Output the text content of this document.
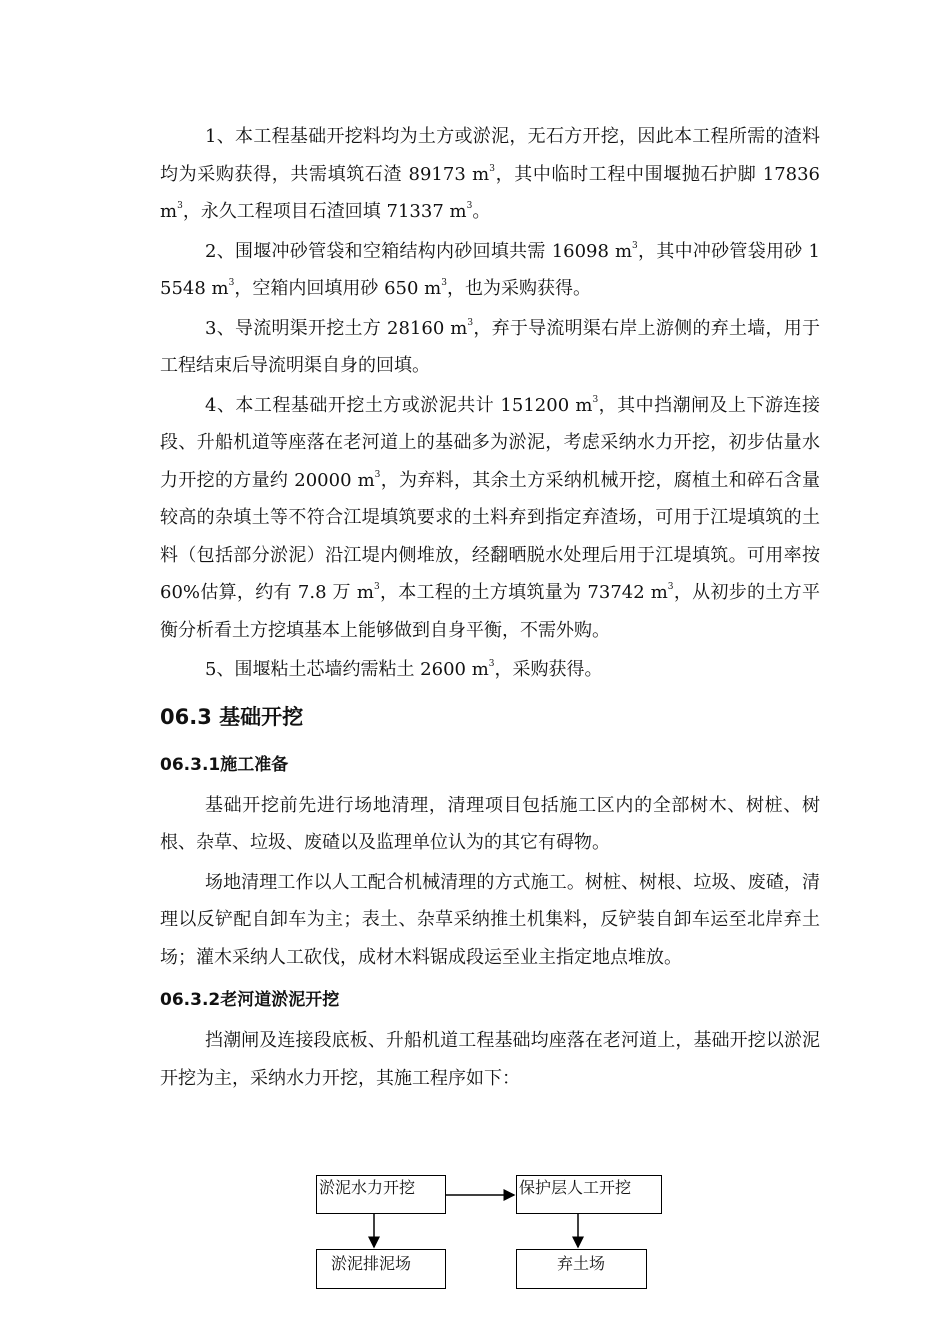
1、本工程基础开挖料均为土方或淤泥，无石方开挖，因此本工程所需的渣料均为采购获得，共需填筑石渣 89173 $m^3$，其中临时工程中围堰抛石护脚 17836 $m^3$，永久工程项目石渣回填 71337 $m^3$。

2、围堰冲砂管袋和空箱结构内砂回填共需 16098 $m^3$，其中冲砂管袋用砂 15548 $m^3$，空箱内回填用砂 650 $m^3$，也为采购获得。

3、导流明渠开挖土方 28160 $m^3$，弃于导流明渠右岸上游侧的弃土墙，用于工程结束后导流明渠自身的回填。

4、本工程基础开挖土方或淤泥共计 151200 $m^3$，其中挡潮闸及上下游连接段、升船机道等座落在老河道上的基础多为淤泥，考虑采纳水力开挖，初步估量水力开挖的方量约 20000 $m^3$，为弃料，其余土方采纳机械开挖，腐植土和碎石含量较高的杂填土等不符合江堤填筑要求的土料弃到指定弃渣场，可用于江堤填筑的土料（包括部分淤泥）沿江堤内侧堆放，经翻晒脱水处理后用于江堤填筑。可用率按 60%估算，约有 7.8 万 $m^3$，本工程的土方填筑量为 73742 $m^3$，从初步的土方平衡分析看土方挖填基本上能够做到自身平衡，不需外购。

5、围堰粘土芯墙约需粘土 2600 $m^3$，采购获得。

06.3 基础开挖
06.3.1施工准备

基础开挖前先进行场地清理，清理项目包括施工区内的全部树木、树桩、树根、杂草、垃圾、废碴以及监理单位认为的其它有碍物。

场地清理工作以人工配合机械清理的方式施工。树桩、树根、垃圾、废碴，清理以反铲配自卸车为主；表土、杂草采纳推土机集料，反铲装自卸车运至北岸弃土场；灌木采纳人工砍伐，成材木料锯成段运至业主指定地点堆放。

06.3.2老河道淤泥开挖

挡潮闸及连接段底板、升船机道工程基础均座落在老河道上，基础开挖以淤泥开挖为主，采纳水力开挖，其施工程序如下：

淤泥水力开挖	保护层人工开挖
淤泥排泥场	弃土场
